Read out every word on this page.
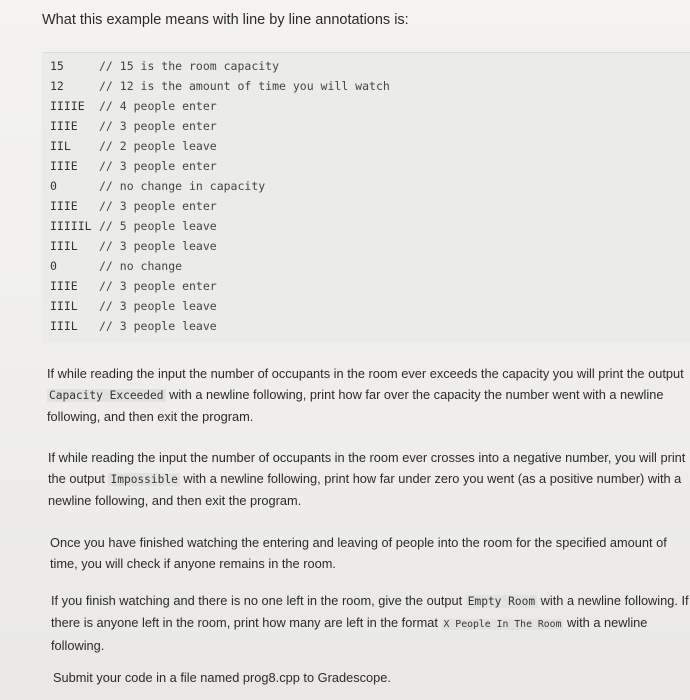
What this example means with line by line annotations is:
15	// 15 is the room capacity
12	// 12 is the amount of time you will watch
IIIIE // 4 people enter
IIIE // 3 people enter
IIL // 2 people leave
IIIE // 3 people enter
0	// no change in capacity
IIIE // 3 people enter
IIIIIL // 5 people leave
IIIL // 3 people leave
0	// no change
IIIE // 3 people enter
IIIL // 3 people leave
IIIL // 3 people leave
If while reading the input the number of occupants in the room ever exceeds the capacity you will print the output Capacity Exceeded with a newline following, print how far over the capacity the number went with a newline following, and then exit the program.
If while reading the input the number of occupants in the room ever crosses into a negative number, you will print the output Impossible with a newline following, print how far under zero you went (as a positive number) with a newline following, and then exit the program.
Once you have finished watching the entering and leaving of people into the room for the specified amount of time, you will check if anyone remains in the room.
If you finish watching and there is no one left in the room, give the output Empty Room with a newline following. If there is anyone left in the room, print how many are left in the format X People In The Room with a newline following.
Submit your code in a file named prog8.cpp to Gradescope.
